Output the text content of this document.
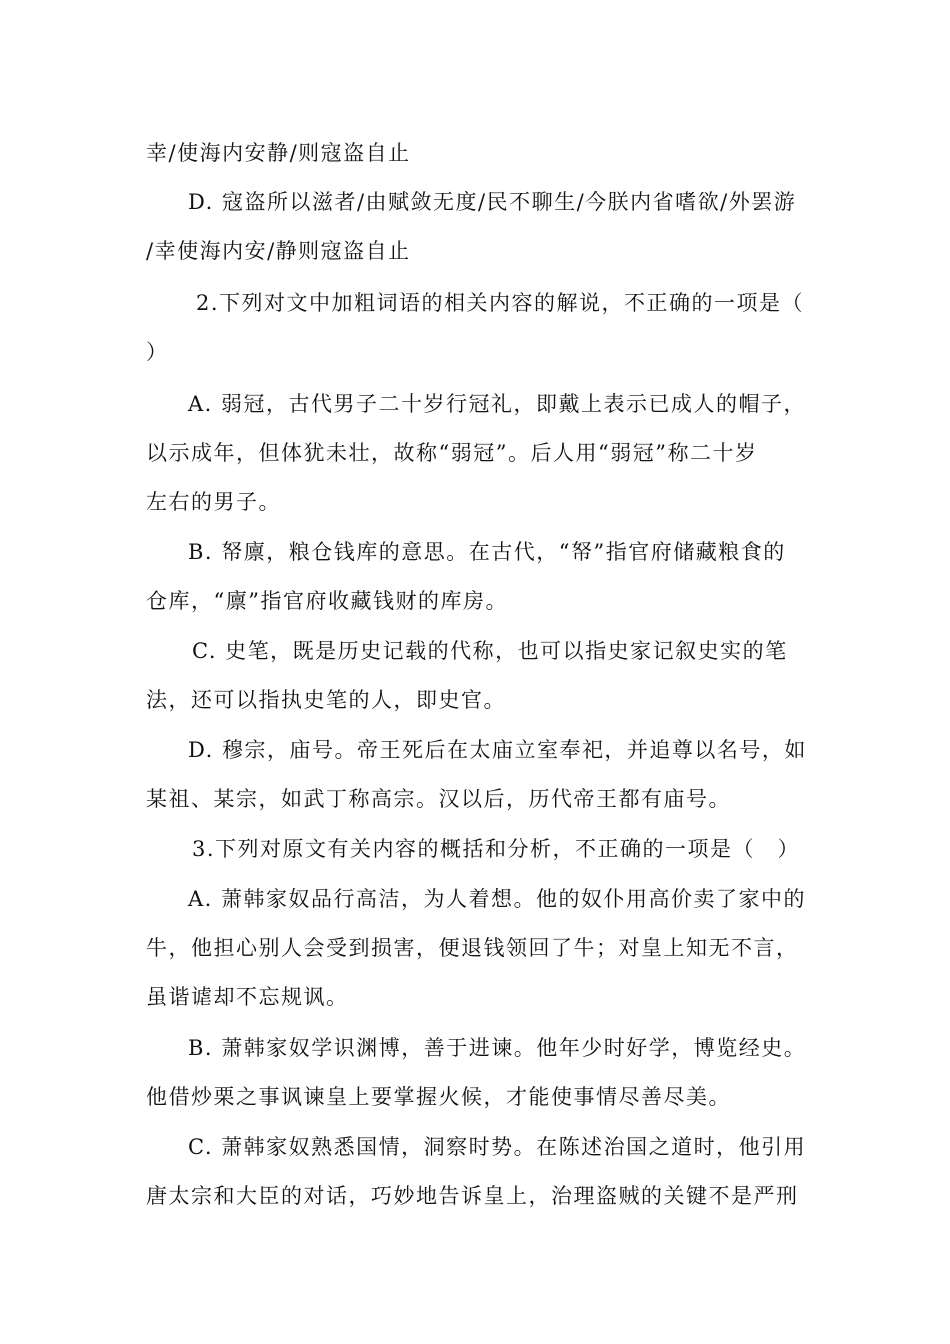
幸/使海内安静/则寇盗自止
D. 寇盗所以滋者/由赋敛无度/民不聊生/今朕内省嗜欲/外罢游
/幸使海内安/静则寇盗自止
2.下列对文中加粗词语的相关内容的解说，不正确的一项是（
）
A. 弱冠，古代男子二十岁行冠礼，即戴上表示已成人的帽子，
以示成年，但体犹未壮，故称“弱冠”。后人用“弱冠”称二十岁
左右的男子。
B. 帑廪，粮仓钱库的意思。在古代，“帑”指官府储藏粮食的
仓库，“廪”指官府收藏钱财的库房。
C. 史笔，既是历史记载的代称，也可以指史家记叙史实的笔
法，还可以指执史笔的人，即史官。
D. 穆宗，庙号。帝王死后在太庙立室奉祀，并追尊以名号，如
某祖、某宗，如武丁称高宗。汉以后，历代帝王都有庙号。
3.下列对原文有关内容的概括和分析，不正确的一项是（　）
A. 萧韩家奴品行高洁，为人着想。他的奴仆用高价卖了家中的
牛，他担心别人会受到损害，便退钱领回了牛；对皇上知无不言，
虽谐谑却不忘规讽。
B. 萧韩家奴学识渊博，善于进谏。他年少时好学，博览经史。
他借炒栗之事讽谏皇上要掌握火候，才能使事情尽善尽美。
C. 萧韩家奴熟悉国情，洞察时势。在陈述治国之道时，他引用
唐太宗和大臣的对话，巧妙地告诉皇上，治理盗贼的关键不是严刑
